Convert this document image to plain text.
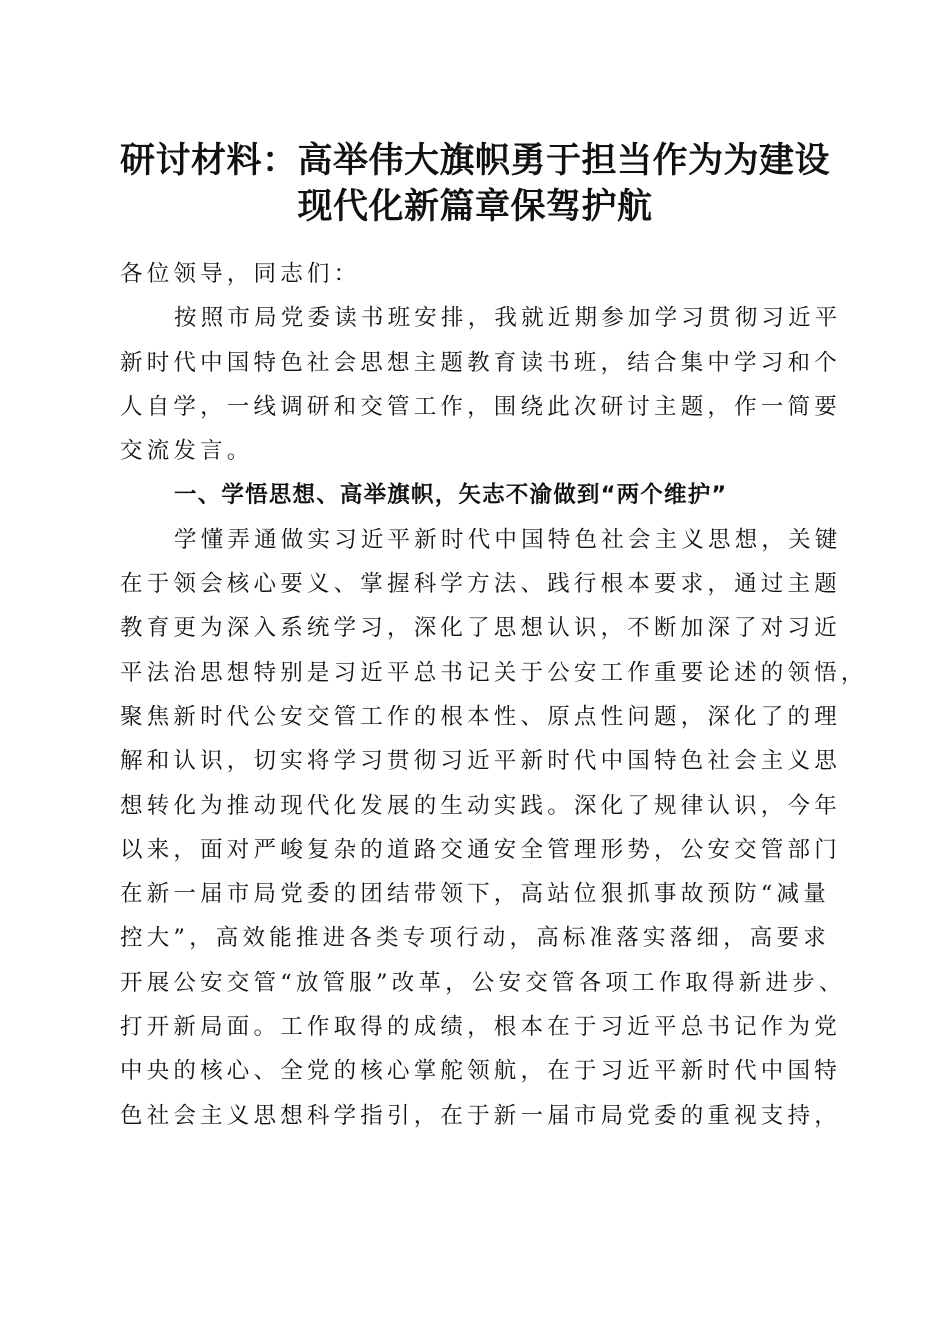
研讨材料：高举伟大旗帜勇于担当作为为建设
现代化新篇章保驾护航
各位领导，同志们：
按照市局党委读书班安排，我就近期参加学习贯彻习近平
新时代中国特色社会思想主题教育读书班，结合集中学习和个
人自学，一线调研和交管工作，围绕此次研讨主题，作一简要
交流发言。
一、学悟思想、高举旗帜，矢志不渝做到“两个维护”
学懂弄通做实习近平新时代中国特色社会主义思想，关键
在于领会核心要义、掌握科学方法、践行根本要求，通过主题
教育更为深入系统学习，深化了思想认识，不断加深了对习近
平法治思想特别是习近平总书记关于公安工作重要论述的领悟，
聚焦新时代公安交管工作的根本性、原点性问题，深化了的理
解和认识，切实将学习贯彻习近平新时代中国特色社会主义思
想转化为推动现代化发展的生动实践。深化了规律认识，今年
以来，面对严峻复杂的道路交通安全管理形势，公安交管部门
在新一届市局党委的团结带领下，高站位狠抓事故预防“减量
控大”，高效能推进各类专项行动，高标准落实落细，高要求
开展公安交管“放管服”改革，公安交管各项工作取得新进步、
打开新局面。工作取得的成绩，根本在于习近平总书记作为党
中央的核心、全党的核心掌舵领航，在于习近平新时代中国特
色社会主义思想科学指引，在于新一届市局党委的重视支持，
